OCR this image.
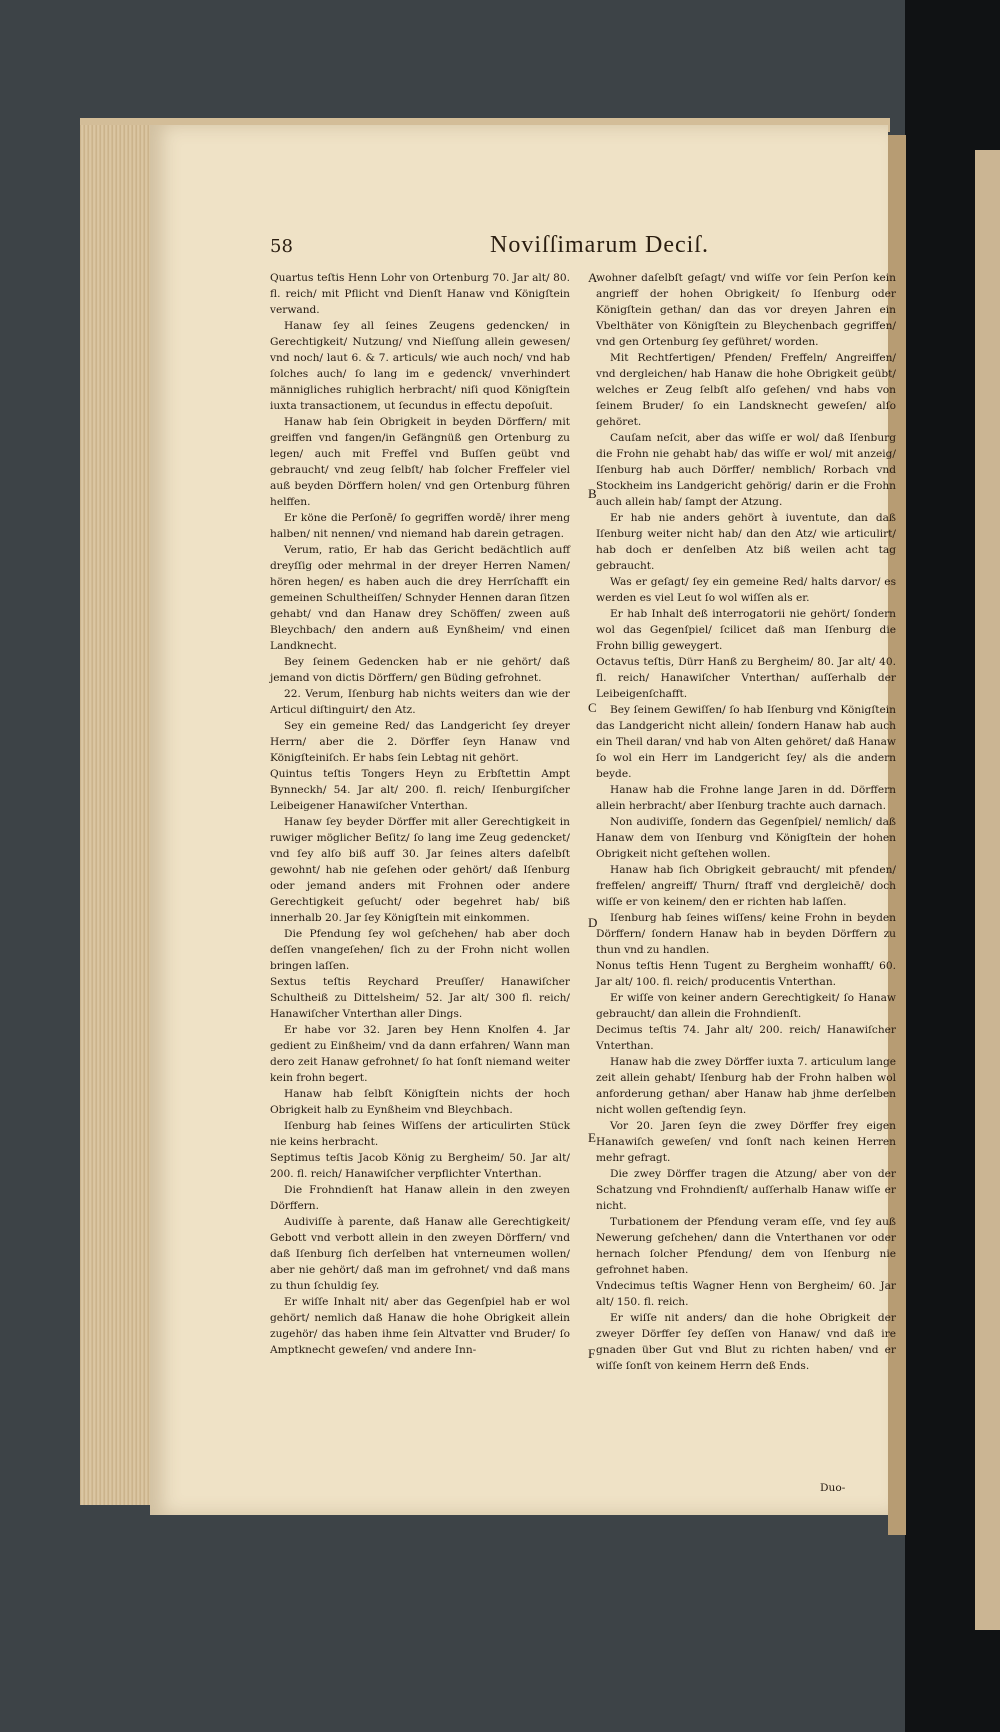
58	Noviſſimarum Deciſ.

Quartus teſtis Henn Lohr von Ortenburg 70. Jar alt/ 80. fl. reich/ mit Pflicht vnd Dienſt Hanaw vnd Königſtein verwand.

Hanaw ſey all ſeines Zeugens gedencken/ in Gerechtigkeit/ Nutzung/ vnd Nieſſung allein gewesen/ vnd noch/ laut 6. & 7. articuls/ wie auch noch/ vnd hab ſolches auch/ ſo lang im e gedenck/ vnverhindert männigliches ruhiglich herbracht/ niſi quod Königſtein iuxta transactionem, ut ſecundus in effectu depoſuit.

Hanaw hab ſein Obrigkeit in beyden Dörffern/ mit greiffen vnd fangen/in Gefängnüß gen Ortenburg zu legen/ auch mit Freffel vnd Buſſen geübt vnd gebraucht/ vnd zeug ſelbſt/ hab ſolcher Freffeler viel auß beyden Dörffern holen/ vnd gen Ortenburg führen helffen.

Er köne die Perſonē/ ſo gegriffen wordē/ ihrer meng halben/ nit nennen/ vnd niemand hab darein getragen.

Verum, ratio, Er hab das Gericht bedächtlich auff dreyſſig oder mehrmal in der dreyer Herren Namen/ hören hegen/ es haben auch die drey Herrſchafft ein gemeinen Schultheiſſen/ Schnyder Hennen daran ſitzen gehabt/ vnd dan Hanaw drey Schöffen/ zween auß Bleychbach/ den andern auß Eynßheim/ vnd einen Landknecht.

Bey ſeinem Gedencken hab er nie gehört/ daß jemand von dictis Dörffern/ gen Büding gefrohnet.

22. Verum, Iſenburg hab nichts weiters dan wie der Articul diſtinguirt/ den Atz.

Sey ein gemeine Red/ das Landgericht ſey dreyer Herrn/ aber die 2. Dörffer ſeyn Hanaw vnd Königſteiniſch. Er habs ſein Lebtag nit gehört.

Quintus teſtis Tongers Heyn zu Erbſtettin Ampt Bynneckh/ 54. Jar alt/ 200. fl. reich/ Iſenburgiſcher Leibeigener Hanawiſcher Vnterthan.

Hanaw ſey beyder Dörffer mit aller Gerechtigkeit in ruwiger möglicher Beſitz/ ſo lang ime Zeug gedencket/ vnd ſey alſo biß auff 30. Jar ſeines alters daſelbſt gewohnt/ hab nie geſehen oder gehört/ daß Iſenburg oder jemand anders mit Frohnen oder andere Gerechtigkeit geſucht/ oder begehret hab/ biß innerhalb 20. Jar ſey Königſtein mit einkommen.

Die Pfendung ſey wol geſchehen/ hab aber doch deſſen vnangeſehen/ ſich zu der Frohn nicht wollen bringen laſſen.

Sextus teſtis Reychard Preuſſer/ Hanawiſcher Schultheiß zu Dittelsheim/ 52. Jar alt/ 300 fl. reich/ Hanawiſcher Vnterthan aller Dings.

Er habe vor 32. Jaren bey Henn Knolfen 4. Jar gedient zu Einßheim/ vnd da dann erfahren/ Wann man dero zeit Hanaw gefrohnet/ ſo hat ſonſt niemand weiter kein frohn begert.

Hanaw hab ſelbſt Königſtein nichts der hoch Obrigkeit halb zu Eynßheim vnd Bleychbach.

Iſenburg hab ſeines Wiſſens der articulirten Stück nie keins herbracht.

Septimus teſtis Jacob König zu Bergheim/ 50. Jar alt/ 200. fl. reich/ Hanawiſcher verpflichter Vnterthan.

Die Frohndienſt hat Hanaw allein in den zweyen Dörffern.

Audiviſſe à parente, daß Hanaw alle Gerechtigkeit/ Gebott vnd verbott allein in den zweyen Dörffern/ vnd daß Iſenburg ſich derſelben hat vnterneumen wollen/ aber nie gehört/ daß man im gefrohnet/ vnd daß mans zu thun ſchuldig ſey.

Er wiſſe Inhalt nit/ aber das Gegenſpiel hab er wol gehört/ nemlich daß Hanaw die hohe Obrigkeit allein zugehör/ das haben ihme ſein Altvatter vnd Bruder/ ſo Amptknecht geweſen/ vnd andere Inn-

A
B
C
D
E
F

wohner daſelbſt geſagt/ vnd wiſſe vor ſein Perſon kein angrieff der hohen Obrigkeit/ ſo Iſenburg oder Königſtein gethan/ dan das vor dreyen Jahren ein Vbelthäter von Königſtein zu Bleychenbach gegriffen/ vnd gen Ortenburg ſey geführet/ worden.

Mit Rechtfertigen/ Pfenden/ Freffeln/ Angreiffen/ vnd dergleichen/ hab Hanaw die hohe Obrigkeit geübt/ welches er Zeug ſelbſt alſo geſehen/ vnd habs von ſeinem Bruder/ ſo ein Landsknecht geweſen/ alſo gehöret.

Cauſam neſcit, aber das wiſſe er wol/ daß Iſenburg die Frohn nie gehabt hab/ das wiſſe er wol/ mit anzeig/ Iſenburg hab auch Dörffer/ nemblich/ Rorbach vnd Stockheim ins Landgericht gehörig/ darin er die Frohn auch allein hab/ ſampt der Atzung.

Er hab nie anders gehört à iuventute, dan daß Iſenburg weiter nicht hab/ dan den Atz/ wie articulirt/ hab doch er denſelben Atz biß weilen acht tag gebraucht.

Was er geſagt/ ſey ein gemeine Red/ halts darvor/ es werden es viel Leut ſo wol wiſſen als er.

Er hab Inhalt deß interrogatorii nie gehört/ ſondern wol das Gegenſpiel/ ſcilicet daß man Iſenburg die Frohn billig geweygert.

Octavus teſtis, Dürr Hanß zu Bergheim/ 80. Jar alt/ 40. fl. reich/ Hanawiſcher Vnterthan/ auſſerhalb der Leibeigenſchafft.

Bey ſeinem Gewiſſen/ ſo hab Iſenburg vnd Königſtein das Landgericht nicht allein/ ſondern Hanaw hab auch ein Theil daran/ vnd hab von Alten gehöret/ daß Hanaw ſo wol ein Herr im Landgericht ſey/ als die andern beyde.

Hanaw hab die Frohne lange Jaren in dd. Dörffern allein herbracht/ aber Iſenburg trachte auch darnach.

Non audiviſſe, ſondern das Gegenſpiel/ nemlich/ daß Hanaw dem von Iſenburg vnd Königſtein der hohen Obrigkeit nicht geſtehen wollen.

Hanaw hab ſich Obrigkeit gebraucht/ mit pfenden/ freffelen/ angreiff/ Thurn/ ſtraff vnd dergleichē/ doch wiſſe er von keinem/ den er richten hab laſſen.

Iſenburg hab ſeines wiſſens/ keine Frohn in beyden Dörffern/ ſondern Hanaw hab in beyden Dörffern zu thun vnd zu handlen.

Nonus teſtis Henn Tugent zu Bergheim wonhafft/ 60. Jar alt/ 100. fl. reich/ producentis Vnterthan.

Er wiſſe von keiner andern Gerechtigkeit/ ſo Hanaw gebraucht/ dan allein die Frohndienſt.

Decimus teſtis 74. Jahr alt/ 200. reich/ Hanawiſcher Vnterthan.

Hanaw hab die zwey Dörffer iuxta 7. articulum lange zeit allein gehabt/ Iſenburg hab der Frohn halben wol anforderung gethan/ aber Hanaw hab jhme derſelben nicht wollen geſtendig ſeyn.

Vor 20. Jaren ſeyn die zwey Dörffer frey eigen Hanawiſch geweſen/ vnd ſonſt nach keinen Herren mehr gefragt.

Die zwey Dörffer tragen die Atzung/ aber von der Schatzung vnd Frohndienſt/ auſſerhalb Hanaw wiſſe er nicht.

Turbationem der Pfendung veram eſſe, vnd ſey auß Newerung geſchehen/ dann die Vnterthanen vor oder hernach ſolcher Pfendung/ dem von Iſenburg nie gefrohnet haben.

Vndecimus teſtis Wagner Henn von Bergheim/ 60. Jar alt/ 150. fl. reich.

Er wiſſe nit anders/ dan die hohe Obrigkeit der zweyer Dörffer ſey deſſen von Hanaw/ vnd daß ire gnaden über Gut vnd Blut zu richten haben/ vnd er wiſſe ſonſt von keinem Herrn deß Ends.

Duo-
